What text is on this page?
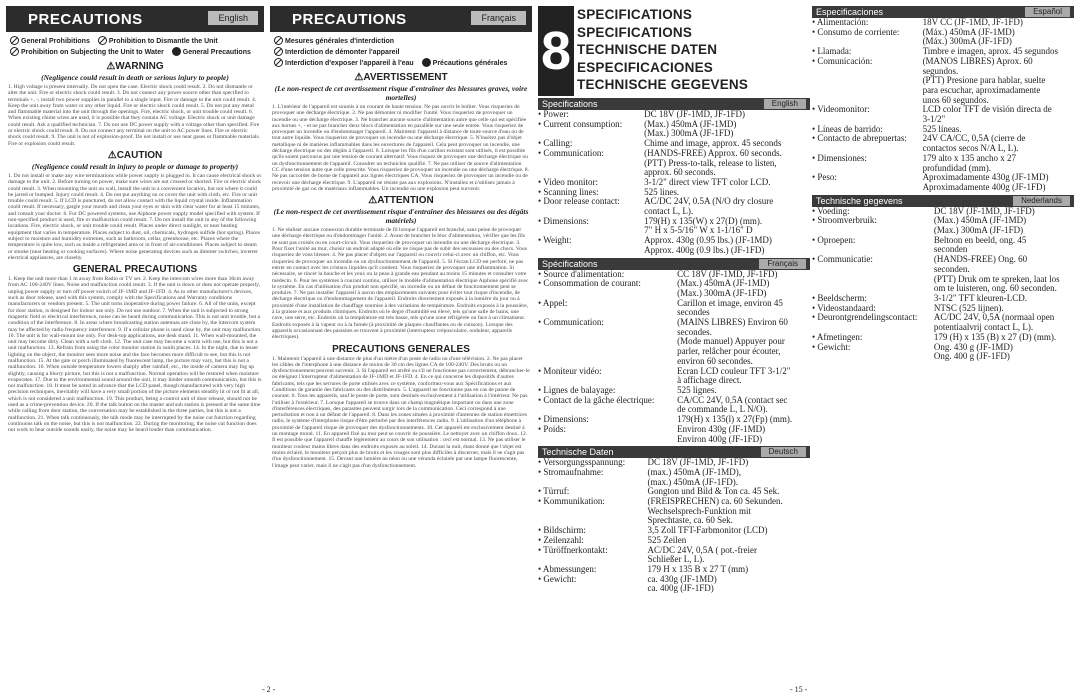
PRECAUTIONS	English
General Prohibitions	Prohibition to Dismantle the Unit
Prohibition on Subjecting the Unit to Water	General Precautions
⚠WARNING
(Negligence could result in death or serious injury to people)
1. High voltage is present internally. Do not open the case. Electric shock could result. 2. Do not dismantle or alter the unit. Fire or electric shock could result. 3. Do not connect any power source other than specified to terminals +, -; install two power supplies in parallel to a single input. Fire or damage to the unit could result. 4. Keep the unit away from water or any other liquid. Fire or electric shock could result. 5. Do not put any metal and flammable material into the unit through the openings. Fire, electric shock, or unit trouble could result. 6. When existing chime wires are used, it is possible that they contain AC voltage. Electric shock or unit damage could result. Ask a qualified technician. 7. Do not use DC power supply with a voltage other than specified. Fire or electric shock could result. 8. Do not connect any terminal on the unit to AC power lines. Fire or electric shock could result. 9. The unit is not of explosion-proof. Do not install or use near gases or flammable materials. Fire or explosion could result.
⚠CAUTION
(Negligence could result in injury to people or damage to property)
1. Do not install or make any wire terminations while power supply is plugged in. It can cause electrical shock or damage to the unit. 2. Before turning on power, make sure wires are not crossed or shorted. Fire or electric shock could result. 3. When mounting the unit on wall, install the unit in a convenient location, but not where it could be jarred or bumped. Injury could result. 4. Do not put anything on or cover the unit with cloth, etc. Fire or unit trouble could result. 5. If LCD is punctured, do not allow contact with the liquid crystal inside. Inflammation could result. If necessary, gargle your mouth and clean your eyes or skin with clear water for at least 15 minutes, and consult your doctor. 6. For DC powered systems, use Aiphone power supply model specified with system. If non-specified product is used, fire or malfunction could result. 7. Do not install the unit in any of the following locations. Fire, electric shock, or unit trouble could result. Places under direct sunlight, or near heating equipment that varies in temperature. Places subject to dust, oil, chemicals, hydrogen sulfide (hot spring). Places subject to moisture and humidity extremes, such as bathroom, cellar, greenhouse, etc. Places where the temperature is quite low, such as inside a refrigerated area or in front of air-conditioner. Places subject to steam or smoke (near heating or cooking surfaces). Where noise generating devices such as dimmer switches, inverter electrical appliances, are closeby.
GENERAL PRECAUTIONS
1. Keep the unit more than 1 m away from Radio or TV set. 2. Keep the intercom wires more than 30cm away from AC 100-240V lines. Noise and malfunction could result. 3. If the unit is down or does not operate properly, unplug power supply or turn off power switch of JF-1MD and JF-1FD. 4. As to other manufacturer's devices, such as door release, used with this system, comply with the Specifications and Warranty conditions manufacturers or vendors present. 5. The unit turns inoperative during power failure. 6. All of the units, except for door station, is designed for indoor use only. Do not use outdoor. 7. When the unit is subjected to strong magnetic field or electrical interference, noise can be heard during communication. This is not unit trouble, but a condition of the interference. 8. In areas where broadcasting station antennas are close by, the intercom system may be affected by radio frequency interference. 9. If a cellular phone is used close by, the unit may malfunction. 10. The unit is for wall-mount use only. For desk-top applications, use desk stand. 11. When wall-mounted, the unit may become dirty. Clean with a soft cloth. 12. The unit case may become a warm with use, but this is not a unit malfunction. 13. Refrain from using the color monitor station in sunlit places. 14. In the night, due to lesser lighting on the object, the monitor sees more noise and the face becomes more difficult to see, but this is not malfunction. 15. At the gate or porch illuminated by fluorescent lamp, the picture may vary, but this is not a malfunction. 16. When outside temperature lowers sharply after rainfall, etc., the inside of camera may fog up slightly, causing a blurry picture, but this is not a malfunction. Normal operation will be restored when moisture evaporates. 17. Due to the environmental sound around the unit, it may hinder smooth communication, but this is not malfunction. 18. It must be noted in advance that the LCD panel, though manufactured with very high precision techniques, inevitably will have a very small portion of the picture elements steadily lit or not lit at all, which is not considered a unit malfunction. 19. This product, being a control unit of door release, should not be used as a crime-prevention device. 20. If the talk button on the master and sub station is pressed at the same time while calling from door station, the conversation may be established in the three parties, but this is not a malfunction. 21. When talk continuously, the talk mode may be interrupted by the noise cut function regarding continuous talk on the noise, but this is not malfunction. 22. During the monitoring, the noise cut function does not work to hear outside sounds easily, the noise may be heard louder than communication.
PRECAUTIONS	Français
Mesures générales d'interdiction Interdiction de démonter l'appareil
Interdiction d'exposer l'appareil à l'eau	Précautions générales
⚠AVERTISSEMENT
(Le non-respect de cet avertissement risque d'entraîner des blessures graves, voire mortelles)
1. L'intérieur de l'appareil est soumis à un courant de haute tension. Ne pas ouvrir le boîtier. Vous risqueriez de provoquer une décharge électrique. 2. Ne pas démonter ni modifier l'unité. Vous risqueriez de provoquer un incendie ou une décharge électrique. 3. Ne brancher aucune source d'alimentation autre que celle qui est spécifiée aux bornes +, - et ne pas brancher deux blocs d'alimentation en parallèle sur une seule entrée. Vous risqueriez de provoquer un incendie ou d'endommager l'appareil. 4. Maintenir l'appareil à distance de toute source d'eau ou de tout autre liquide. Vous risqueriez de provoquer un incendie ou une décharge électrique. 5. N'insérez pas d'objet métallique ni de matières inflammables dans les ouvertures de l'appareil. Cela peut provoquer un incendie, une décharge électrique ou des dégâts à l'appareil. 6. Lorsque les fils d'un carillon existant sont utilisés, il est possible qu'ils soient parcourus par une tension de courant alternatif. Vous risquez de provoquer une décharge électrique ou un dysfonctionnement de l'appareil. Consulter un technicien qualifié. 7. Ne pas utiliser de source d'alimentation CC d'une tension autre que celle prescrite. Vous risqueriez de provoquer un incendie ou une décharge électrique. 8. Ne pas raccorder de borne de l'appareil aux lignes électriques CA. Vous risqueriez de provoquer un incendie ou de recevoir une décharge électrique. 9. L'appareil ne résiste pas aux explosions. N'installez et n'utilisez jamais à proximité de gaz ou de matériaux inflammables. Un incendie ou une explosion peut survenir.
⚠ATTENTION
(Le non-respect de cet avertissement risque d'entraîner des blessures ou des dégâts matériels)
1. Ne réaliser aucune connexion durable terminale de fil lorsque l'appareil est branché, sans peine de provoquer une décharge électrique ou d'endommager l'unité. 2. Avant de brancher le bloc d'alimentation, vérifier que les fils ne sont pas croisés ou en court-circuit. Vous risqueriez de provoquer un incendie ou une décharge électrique. 3. Pour fixer l'unité au mur, choisir un endroit adapté où elle ne risque pas de subir des secousses ou des chocs. Vous risqueriez de vous blesser. 4. Ne pas placer d'objets sur l'appareil ou couvrir celui-ci avec un chiffon, etc. Vous risqueriez de provoquer un incendie ou un dysfonctionnement de l'appareil. 5. Si l'écran LCD est perforé, ne pas entrer en contact avec les cristaux liquides qu'il contient. Vous risqueriez de provoquer une inflammation. Si nécessaire, se rincer la bouche et les yeux ou la peau à grande eau pendant au moins 15 minutes et consulter votre médecin. 6. Pour les systèmes à courant continu, utiliser le modèle d'alimentation électrique Aiphone spécifié avec le système. En cas d'utilisation d'un produit non spécifié, un incendie ou un défaut de fonctionnement peut se produire. 7. Ne pas installer l'appareil à aucun des emplacements suivants pour éviter tout risque d'incendie, de décharge électrique ou d'endommagement de l'appareil. Endroits directement exposés à la lumière du jour ou à proximité d'une installation de chauffage soumise à des variations de température. Endroits exposés à la poussière, à la graisse et aux produits chimiques. Endroits où le degré d'humidité est élevé, tels qu'une salle de bains, une cave, une serre, etc. Endroits où la température est très basse, tels qu'une zone réfrigérée ou face à un climatiseur. Endroits exposés à la vapeur ou à la fumée (à proximité de plaques chauffantes ou de cuisson). Lorsque des appareils occasionnant des parasites se trouvent à proximité (interrupteur crépusculaire, onduleur, appareils électriques).
PRECAUTIONS GENERALES
1. Maintenir l'appareil à une distance de plus d'un mètre d'un poste de radio ou d'une télévision. 2. Ne pas placer les câbles de l'interphone à une distance de moins de 30 cm des lignes CA de 100-240V. Des bruits ou un dysfonctionnement peuvent survenir. 3. Si l'appareil est arrêté ou s'il ne fonctionne pas correctement, débrancher-le ou éteignez l'interrupteur d'alimentation de JF-1MD et JF-1FD. 4. En ce qui concerne les dispositifs d'autres fabricants, tels que les serrures de porte utilisés avec ce système, conformez-vous aux Spécifications et aux Conditions de garantie des fabricants ou des distributeurs. 5. L'appareil ne fonctionne pas en cas de panne de courant. 6. Tous les appareils, sauf le poste de porte, sont destinés exclusivement à l'utilisation à l'intérieur. Ne pas l'utiliser à l'extérieur. 7. Lorsque l'appareil se trouve dans un champ magnétique important ou dans une zone d'interférences électriques, des parasites peuvent surgir lors de la communication. Ceci correspond à une perturbation et non à un défaut de l'appareil. 8. Dans les zones situées à proximité d'antennes de station émettrices radio, le système d'interphone risque d'être perturbé par des interférences radio. 9. L'utilisation d'un téléphone à proximité de l'appareil risque de provoquer des dysfonctionnements. 10. Cet appareil est exclusivement destiné à un montage mural. 11. En appareil fixé au mur peut se couvrir de poussière. Le nettoyer avec un chiffon doux. 12. Il est possible que l'appareil chauffe légèrement au cours de son utilisation : ceci est normal. 13. Ne pas utiliser le moniteur couleur mains libres dans des endroits exposés au soleil. 14. Durant la nuit, étant donné que l'objet est moins éclairé, le moniteur perçoit plus de bruits et les visages sont plus difficiles à discerner, mais il ne s'agit pas d'un dysfonctionnement. 15. Devant une lumière au néon ou une véranda éclairée par une lampe fluorescente, l'image peut varier, mais il ne s'agit pas d'un dysfonctionnement.
- 2 -
8
SPECIFICATIONS
SPECIFICATIONS
TECHNISCHE DATEN
ESPECIFICACIONES
TECHNISCHE GEGEVENS
Specifications	English
• Power:	DC 18V (JF-1MD, JF-1FD)
• Current consumption:	(Max.) 450mA (JF-1MD)
	(Max.) 300mA (JF-1FD)
• Calling:	Chime and image, approx. 45 seconds
• Communication:	(HANDS-FREE) Approx. 60 seconds.
	(PTT) Press-to-talk, release to listen,
	approx. 60 seconds.
• Video monitor:	3-1/2" direct view TFT color LCD.
• Scanning lines:	525 lines.
• Door release contact:	AC/DC 24V, 0.5A (N/O dry closure
	contact L, L).
• Dimensions:	179(H) x 135(W) x 27(D) (mm).
	7" H x 5-5/16" W x 1-1/16" D
• Weight:	Approx. 430g (0.95 lbs.) (JF-1MD)
	Approx. 400g (0.9 lbs.) (JF-1FD)
Spécifications	Français
• Source d'alimentation:	CC 18V (JF-1MD, JF-1FD)
• Consommation de courant:	(Max.) 450mA (JF-1MD)
	(Max.) 300mA (JF-1FD)
• Appel:	Carillon et image, environ 45
	secondes
• Communication:	(MAINS LIBRES) Environ 60
	secondes.
	(Mode manuel) Appuyer pour
	parler, relâcher pour écouter,
	environ 60 secondes.
• Moniteur vidéo:	Ecran LCD couleur TFT 3-1/2"
	à affichage direct.
• Lignes de balayage:	525 lignes.
• Contact de la gâche électrique:	CA/CC 24V, 0,5A (contact sec
	de commande L, L N/O).
• Dimensions:	179(H) x 135(l) x 27(Fp) (mm).
• Poids:	Environ 430g (JF-1MD)
	Environ 400g (JF-1FD)
Technische Daten	Deutsch
• Versorgungsspannung:	DC 18V (JF-1MD, JF-1FD)
• Stromaufnahme:	(max.) 450mA (JF-1MD),
	(max.) 450mA (JF-1FD).
• Türruf:	Gongton und Bild & Ton ca. 45 Sek.
• Kommunikation:	(FREISPRECHEN) ca. 60 Sekunden.
	Wechselsprech-Funktion mit
	Sprechtaste, ca. 60 Sek.
• Bildschirm:	3,5 Zoll TFT-Farbmonitor (LCD)
• Zeilenzahl:	525 Zeilen
• Türöffnerkontakt:	AC/DC 24V, 0,5A ( pot.-freier
	Schließer L, L).
• Abmessungen:	179 H x 135 B x 27 T (mm)
• Gewicht:	ca. 430g (JF-1MD)
	ca. 400g (JF-1FD)
Especificaciones	Español
• Alimentación:	18V CC (JF-1MD, JF-1FD)
• Consumo de corriente:	(Máx.) 450mA (JF-1MD)
	(Máx.) 300mA (JF-1FD)
• Llamada:	Timbre e imagen, aprox. 45 segundos
• Comunicación:	(MANOS LIBRES) Aprox. 60
	segundos.
	(PTT) Presione para hablar, suelte
	para escuchar, aproximadamente
	unos 60 segundos.
• Videomonitor:	LCD color TFT de visión directa de
	3-1/2"
• Líneas de barrido:	525 líneas.
• Contacto de abrepuertas:	24V CA/CC, 0,5A (cierre de
	contactos secos N/A L, L).
• Dimensiones:	179 alto x 135 ancho x 27
	profundidad (mm).
• Peso:	Aproximadamente 430g (JF-1MD)
	Aproximadamente 400g (JF-1FD)
Technische gegevens	Nederlands
• Voeding:	DC 18V (JF-1MD, JF-1FD)
• Stroomverbruik:	(Max.) 450mA (JF-1MD)
	(Max.) 300mA (JF-1FD)
• Oproepen:	Beltoon en beeld, ong. 45
	seconden
• Communicatie:	(HANDS-FREE) Ong. 60
	seconden.
	(PTT) Druk om te spreken, laat los
	om te luisteren, ong. 60 seconden.
• Beeldscherm:	3-1/2" TFT kleuren-LCD.
• Videostandaard:	NTSC (525 lijnen).
• Deurontgrendelingscontact:	AC/DC 24V, 0,5A (normaal open
	potentiaalvrij contact L, L).
• Afmetingen:	179 (H) x 135 (B) x 27 (D) (mm).
• Gewicht:	Ong. 430 g (JF-1MD)
	Ong. 400 g (JF-1FD)
- 15 -
